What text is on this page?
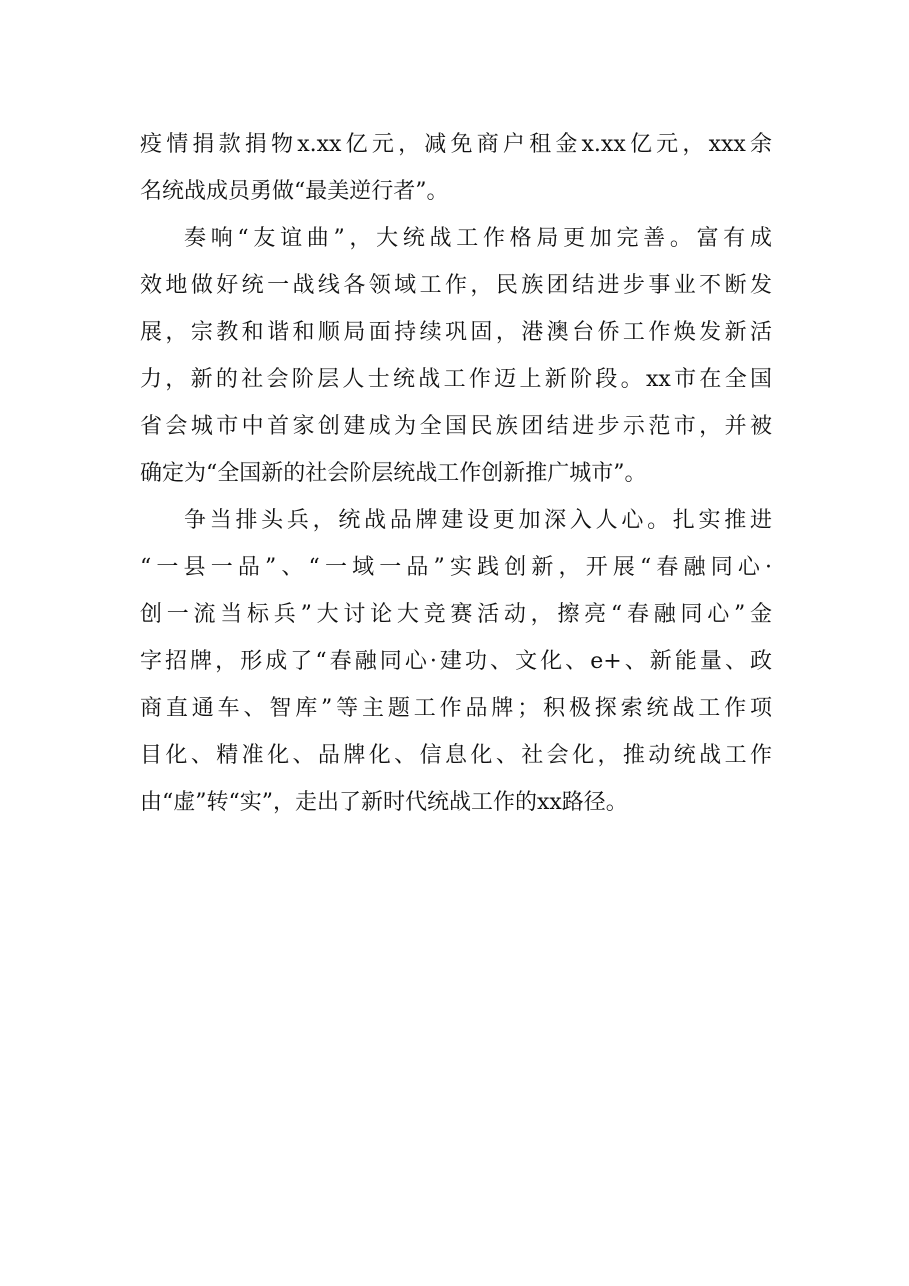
疫情捐款捐物x.xx亿元，减免商户租金x.xx亿元，xxx余
名统战成员勇做“最美逆行者”。
奏响“友谊曲”，大统战工作格局更加完善。富有成
效地做好统一战线各领域工作，民族团结进步事业不断发
展，宗教和谐和顺局面持续巩固，港澳台侨工作焕发新活
力，新的社会阶层人士统战工作迈上新阶段。xx市在全国
省会城市中首家创建成为全国民族团结进步示范市，并被
确定为“全国新的社会阶层统战工作创新推广城市”。
争当排头兵，统战品牌建设更加深入人心。扎实推进
“一县一品”、“一域一品”实践创新，开展“春融同心·
创一流当标兵”大讨论大竞赛活动，擦亮“春融同心”金
字招牌，形成了“春融同心·建功、文化、e+、新能量、政
商直通车、智库”等主题工作品牌；积极探索统战工作项
目化、精准化、品牌化、信息化、社会化，推动统战工作
由“虚”转“实”，走出了新时代统战工作的xx路径。
